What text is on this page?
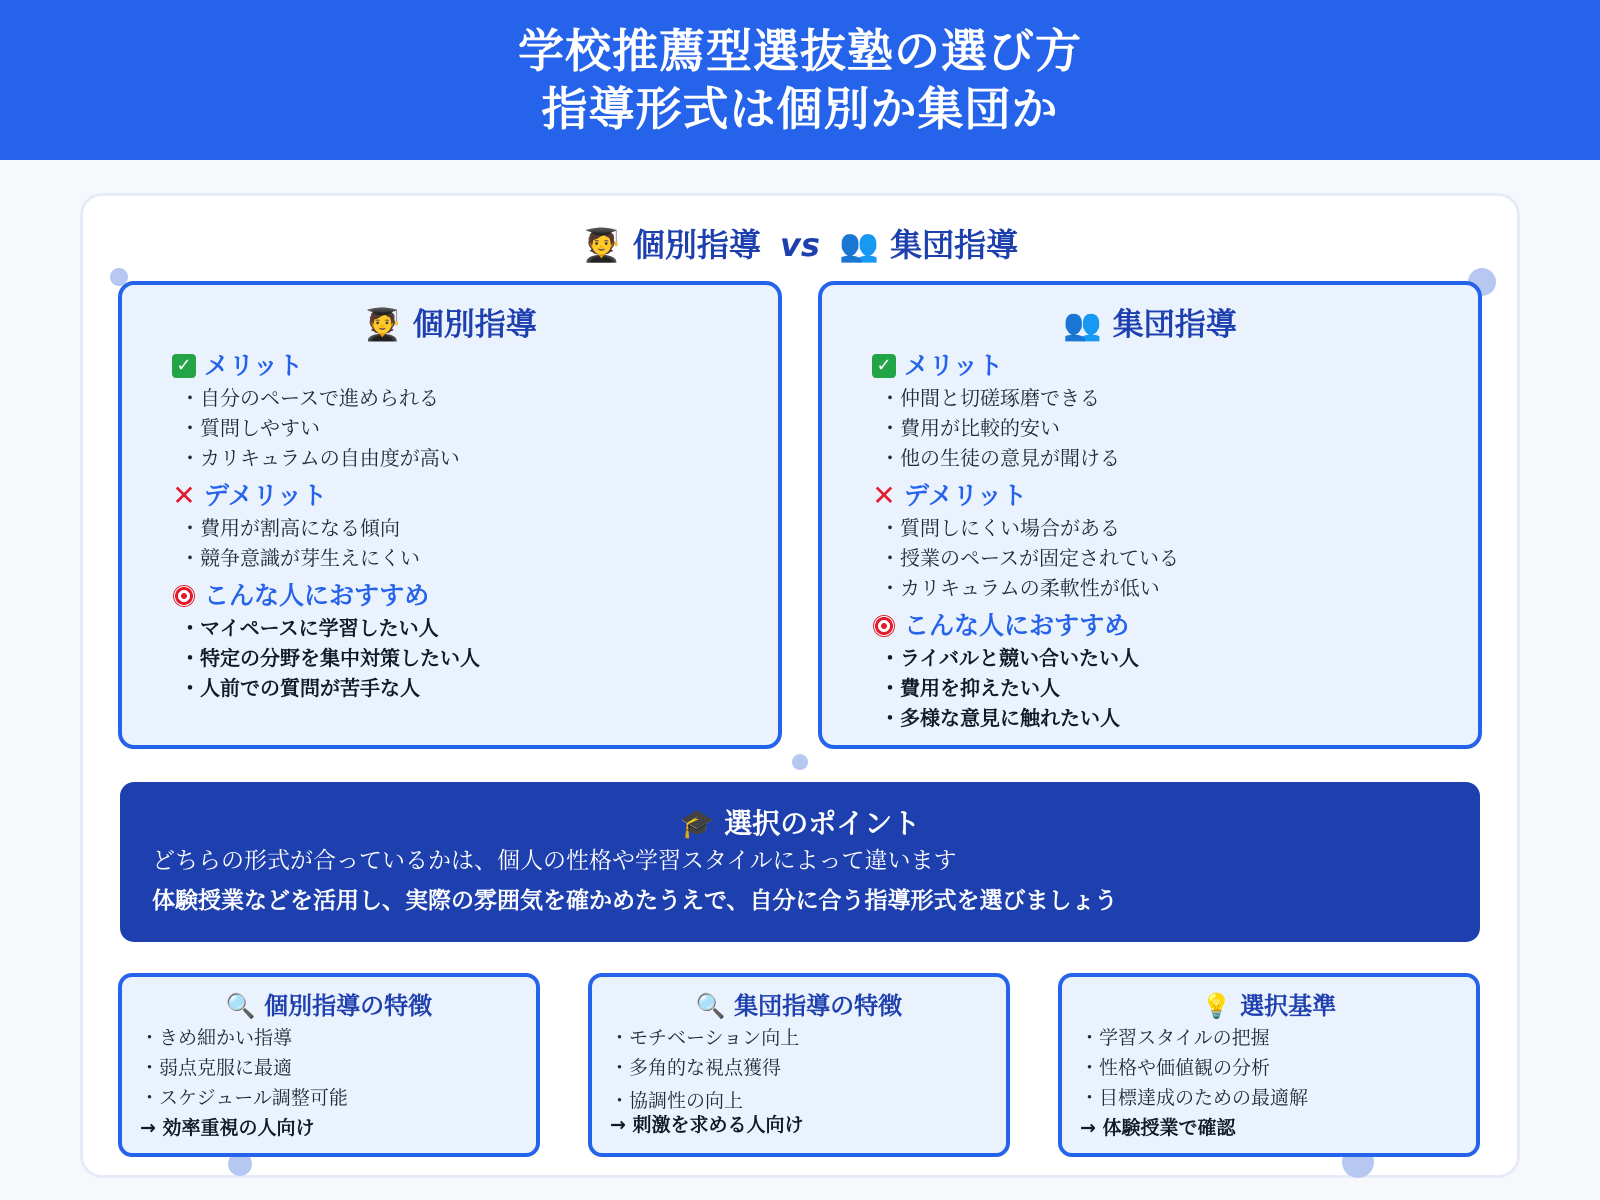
学校推薦型選抜塾の選び方
指導形式は個別か集団か
🧑‍🎓 個別指導 vs 👥 集団指導
🧑‍🎓 個別指導
✓ メリット
・自分のペースで進められる
・質問しやすい
・カリキュラムの自由度が高い
✕ デメリット
・費用が割高になる傾向
・競争意識が芽生えにくい
こんな人におすすめ
・マイペースに学習したい人
・特定の分野を集中対策したい人
・人前での質問が苦手な人
👥 集団指導
✓ メリット
・仲間と切磋琢磨できる
・費用が比較的安い
・他の生徒の意見が聞ける
✕ デメリット
・質問しにくい場合がある
・授業のペースが固定されている
・カリキュラムの柔軟性が低い
こんな人におすすめ
・ライバルと競い合いたい人
・費用を抑えたい人
・多様な意見に触れたい人
🎓 選択のポイント
どちらの形式が合っているかは、個人の性格や学習スタイルによって違います
体験授業などを活用し、実際の雰囲気を確かめたうえで、自分に合う指導形式を選びましょう
🔍 個別指導の特徴
・きめ細かい指導
・弱点克服に最適
・スケジュール調整可能
→ 効率重視の人向け
🔍 集団指導の特徴
・モチベーション向上
・多角的な視点獲得
・協調性の向上
→ 刺激を求める人向け
💡 選択基準
・学習スタイルの把握
・性格や価値観の分析
・目標達成のための最適解
→ 体験授業で確認
